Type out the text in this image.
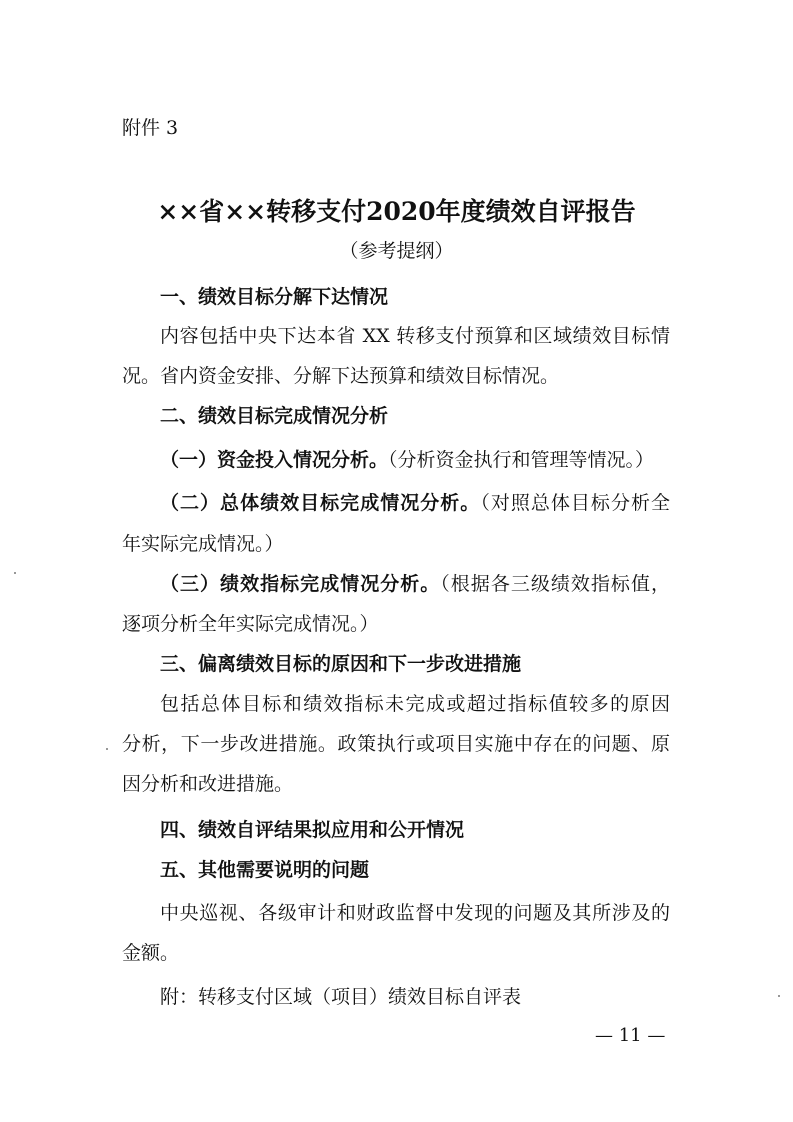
附件 3

××省××转移支付2020年度绩效自评报告

（参考提纲）

一、绩效目标分解下达情况

内容包括中央下达本省 XX 转移支付预算和区域绩效目标情

况。省内资金安排、分解下达预算和绩效目标情况。

二、绩效目标完成情况分析

（一）资金投入情况分析。（分析资金执行和管理等情况。）

（二）总体绩效目标完成情况分析。（对照总体目标分析全

年实际完成情况。）

（三）绩效指标完成情况分析。（根据各三级绩效指标值，

逐项分析全年实际完成情况。）

三、偏离绩效目标的原因和下一步改进措施

包括总体目标和绩效指标未完成或超过指标值较多的原因

分析，下一步改进措施。政策执行或项目实施中存在的问题、原

因分析和改进措施。

四、绩效自评结果拟应用和公开情况

五、其他需要说明的问题

中央巡视、各级审计和财政监督中发现的问题及其所涉及的

金额。

附：转移支付区域（项目）绩效目标自评表

— 11 —
